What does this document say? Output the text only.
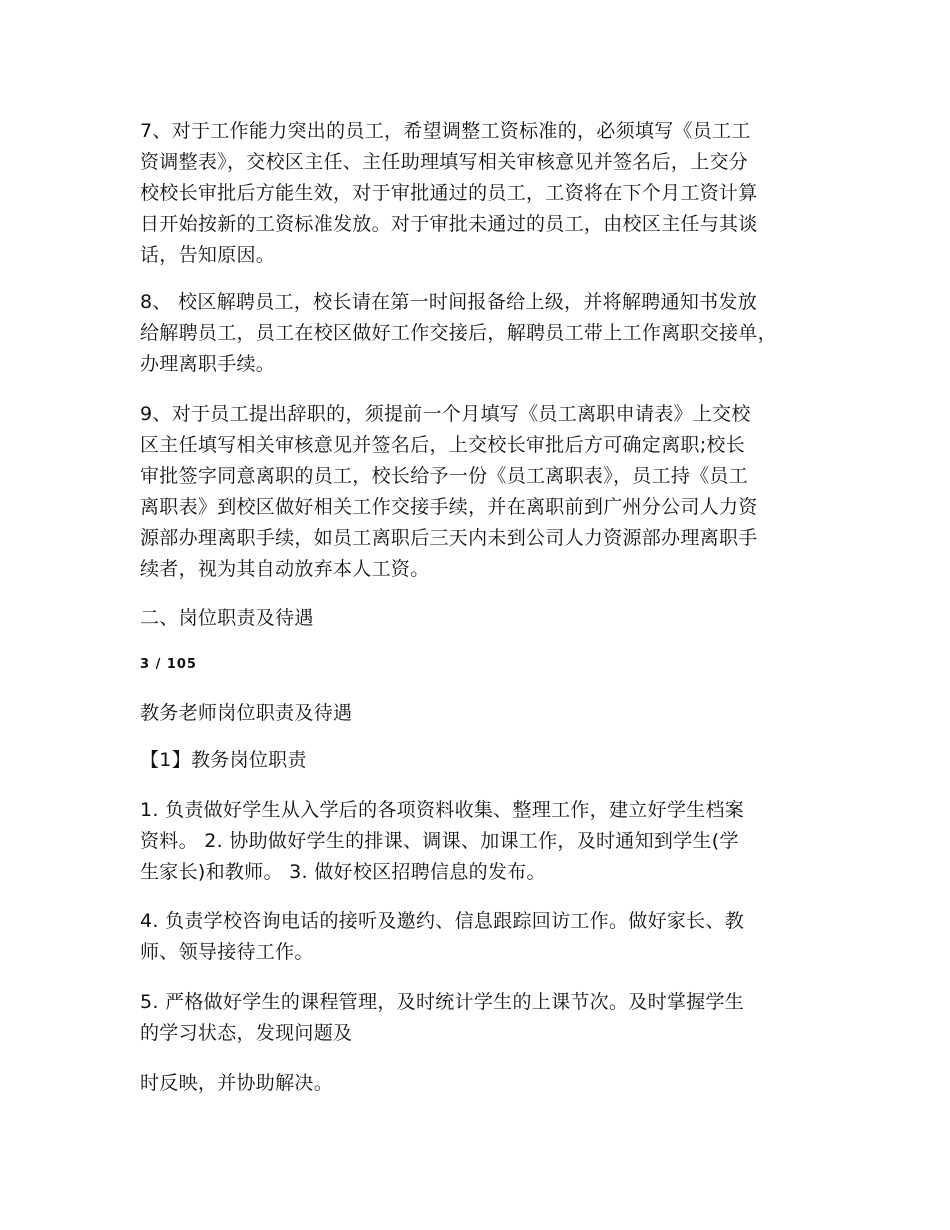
7、对于工作能力突出的员工，希望调整工资标准的，必须填写《员工工
资调整表》，交校区主任、主任助理填写相关审核意见并签名后，上交分
校校长审批后方能生效，对于审批通过的员工，工资将在下个月工资计算
日开始按新的工资标准发放。对于审批未通过的员工，由校区主任与其谈
话，告知原因。
8、 校区解聘员工，校长请在第一时间报备给上级，并将解聘通知书发放
给解聘员工，员工在校区做好工作交接后，解聘员工带上工作离职交接单，
办理离职手续。
9、对于员工提出辞职的，须提前一个月填写《员工离职申请表》上交校
区主任填写相关审核意见并签名后，上交校长审批后方可确定离职;校长
审批签字同意离职的员工，校长给予一份《员工离职表》，员工持《员工
离职表》到校区做好相关工作交接手续，并在离职前到广州分公司人力资
源部办理离职手续，如员工离职后三天内未到公司人力资源部办理离职手
续者，视为其自动放弃本人工资。
二、岗位职责及待遇
3 / 105
教务老师岗位职责及待遇
【1】教务岗位职责
1. 负责做好学生从入学后的各项资料收集、整理工作，建立好学生档案
资料。 2. 协助做好学生的排课、调课、加课工作，及时通知到学生(学
生家长)和教师。 3. 做好校区招聘信息的发布。
4. 负责学校咨询电话的接听及邀约、信息跟踪回访工作。做好家长、教
师、领导接待工作。
5. 严格做好学生的课程管理，及时统计学生的上课节次。及时掌握学生
的学习状态，发现问题及
时反映，并协助解决。
